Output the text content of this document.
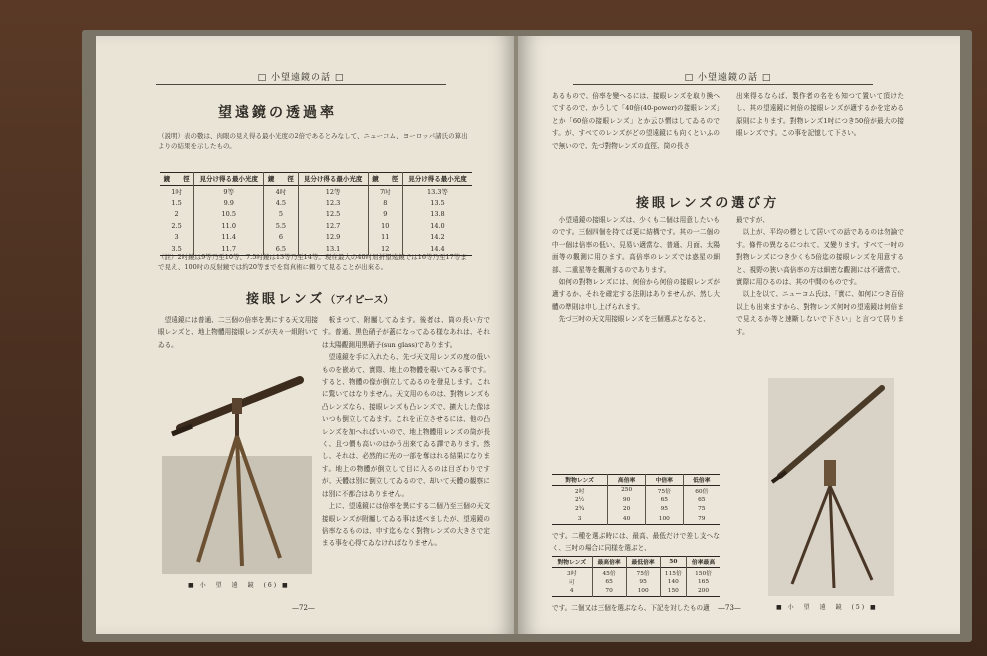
□ 小望遠鏡の話 □
望遠鏡の透過率
（説明）表の數は、肉眼の見え得る最小光度の2倍であるとみなして、ニューコム、ヨーロッパ諸氏の算出よりの結果を示したもの。
鏡　　徑	見分け得る最小光度	鏡　　徑	見分け得る最小光度	鏡　　徑	見分け得る最小光度
1吋	9等	4吋	12等	7吋	13.3等
1.5	9.9	4.5	12.3	8	13.5
2	10.5	5	12.5	9	13.8
2.5	11.0	5.5	12.7	10	14.0
3	11.4	6	12.9	11	14.2
3.5	11.7	6.5	13.1	12	14.4
（註）2吋鏡は9等乃至10等、7.5吋鏡は13等乃至14等。現在最大の40吋屈折望遠鏡では16等乃至17等まで見え、100吋の反射鏡では約20等までを寫真術に頼りて見ることが出來る。
接眼レンズ（アイピース）

望遠鏡には普通、二三個の倍率を異にする天文用接眼レンズと、地上物體用接眼レンズが夫々一組附いてゐる。

■ 小　望　遠　鏡　(6) ■

板まつて、附屬してゐます。後者は、筒の長い方です。普通、黒色硝子が蓋になってゐる様なあれは、それは太陽觀測用黒硝子(sun glass)であります。

望遠鏡を手に入れたら、先づ天文用レンズの度の低いものを嵌めて、實際、地上の物體を覗いてみる事です。すると、物體の像が倒立してゐるのを發見します。これに驚いてはなりません。天文用のものは、對物レンズも凸レンズなら、接眼レンズも凸レンズで、擴大した像はいつも倒立してゐます。これを正立させるには、他の凸レンズを加へればいいので、地上物體用レンズの筒が長く、且つ價も高いのはかう出來てゐる譯であります。然し、それは、必然的に光の一部を奪はれる結果になります。地上の物體が倒立して目に入るのは目ざわりですが、天體は別に倒立してゐるので、却いて天體の観察には別に不都合はありません。

上に、望遠鏡には倍率を異にする二個乃至三個の天文接眼レンズが附屬してゐる事は述べましたが、望遠鏡の倍率なるものは、申す迄もなく對物レンズの大きさで定まる事を心得てゐなければなりません。

—72—
□ 小望遠鏡の話 □

あるもので、倍率を變へるには、接眼レンズを取り換へてするので、かうして「40倍(40-power)の接眼レンズ」とか「60倍の接眼レンズ」とか云ひ慣はしてゐるのです。が、すべてのレンズがどの望遠鏡にも向くといふので無いので、先づ對物レンズの直徑、筒の長さ

出來得るならば、製作者の名をも知つて置いて頂けたし、其の望遠鏡に何倍の接眼レンズが適するかを定める原則によります。對物レンズ1吋につき50倍が最大の接眼レンズです。この事を記憶して下さい。

接眼レンズの選び方

小望遠鏡の接眼レンズは、少くも二個は用意したいものです。三個四個を持てば更に結構です。其の一二個の中一個は倍率の低い、見易い適當な、普通、月面、太陽面等の觀測に用ひます。高倍率のレンズでは惑星の細部、二重星等を觀測するのであります。

如何の對物レンズには、何倍から何倍の接眼レンズが適するか、それを確定する法則はありませんが、然し大體の準則は申し上げられます。

先づ三吋の天文用接眼レンズを三個選ぶとなると、

最ですが、

以上が、平均の標として居いての話であるのは勿論です。條件の異なるにつれて、又變ります。すべて一吋の對物レンズにつき少くも5倍迄の接眼レンズを用意すると、視野の狹い高倍率の方は細密な觀測には不適當で、實際に用ひるのは、其の中間のものです。

以上を以て、ニューコム氏は、「實に、如何につき百倍以上も出來ますから、對物レンズ何吋の望遠鏡は何倍まで見えるか等と速斷しないで下さい」と言つて居ります。

對物レンズ	高倍率	中倍率	低倍率
2吋	250	75倍	60倍
2½	90	65	65
2¾	20	95	75
3	40	100	79

です。二種を選ぶ時には、最高、最低だけで差し支へなく、三吋の場合に同様を選ぶと、

對物レンズ	最高倍率	最低倍率	50	倍率最高
3吋	45倍	75倍	115倍	150倍
可	65	95	140	165
4	70	100	150	200

です。二個又は三個を選ぶなら、下記を対したもの適	■ 小　望　遠　鏡　(5) ■
—73—
